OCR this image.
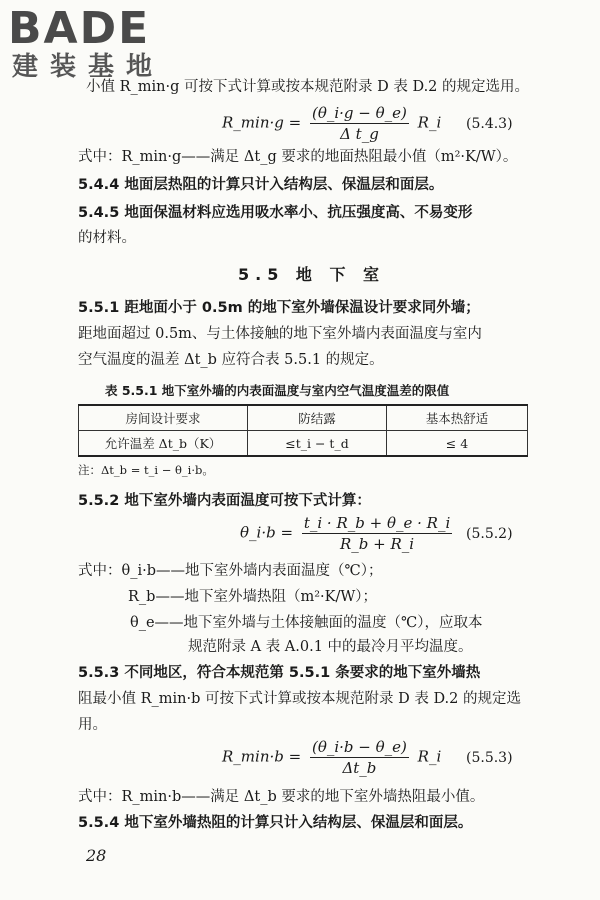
BADE
建装基地
小值 R_min·g 可按下式计算或按本规范附录 D 表 D.2 的规定选用。
R_min·g = $\frac{(\theta\_i\cdot g - \theta\_e)}{\text{Δ t\_g}}$ R_i (5.4.3)
式中：R_min·g——满足 Δt_g 要求的地面热阻最小值（m²·K/W）。
5.4.4 地面层热阻的计算只计入结构层、保温层和面层。
5.4.5 地面保温材料应选用吸水率小、抗压强度高、不易变形
的材料。
5.5 地 下 室
5.5.1 距地面小于 0.5m 的地下室外墙保温设计要求同外墙；
距地面超过 0.5m、与土体接触的地下室外墙内表面温度与室内
空气温度的温差 Δt_b 应符合表 5.5.1 的规定。
表 5.5.1 地下室外墙的内表面温度与室内空气温度温差的限值
房间设计要求	防结露	基本热舒适
允许温差 Δt_b（K）	≤t_i − t_d	≤ 4
注：Δt_b = t_i − θ_i·b。
5.5.2 地下室外墙内表面温度可按下式计算：
θ_i·b = $\frac{t\_i \cdot R\_b + \theta\_e \cdot R\_i}{R\_b + R\_i} (5.5.2)$
式中：θ_i·b——地下室外墙内表面温度（℃）；
R_b——地下室外墙热阻（m²·K/W）；
θ_e——地下室外墙与土体接触面的温度（℃），应取本
规范附录 A 表 A.0.1 中的最冷月平均温度。
5.5.3 不同地区，符合本规范第 5.5.1 条要求的地下室外墙热
阻最小值 R_min·b 可按下式计算或按本规范附录 D 表 D.2 的规定选
用。
R_min·b = $\frac{(\theta\_i\cdot b - \theta\_e)}{\Delta t\_b}$ R_i (5.5.3)
式中：R_min·b——满足 Δt_b 要求的地下室外墙热阻最小值。
5.5.4 地下室外墙热阻的计算只计入结构层、保温层和面层。
28
